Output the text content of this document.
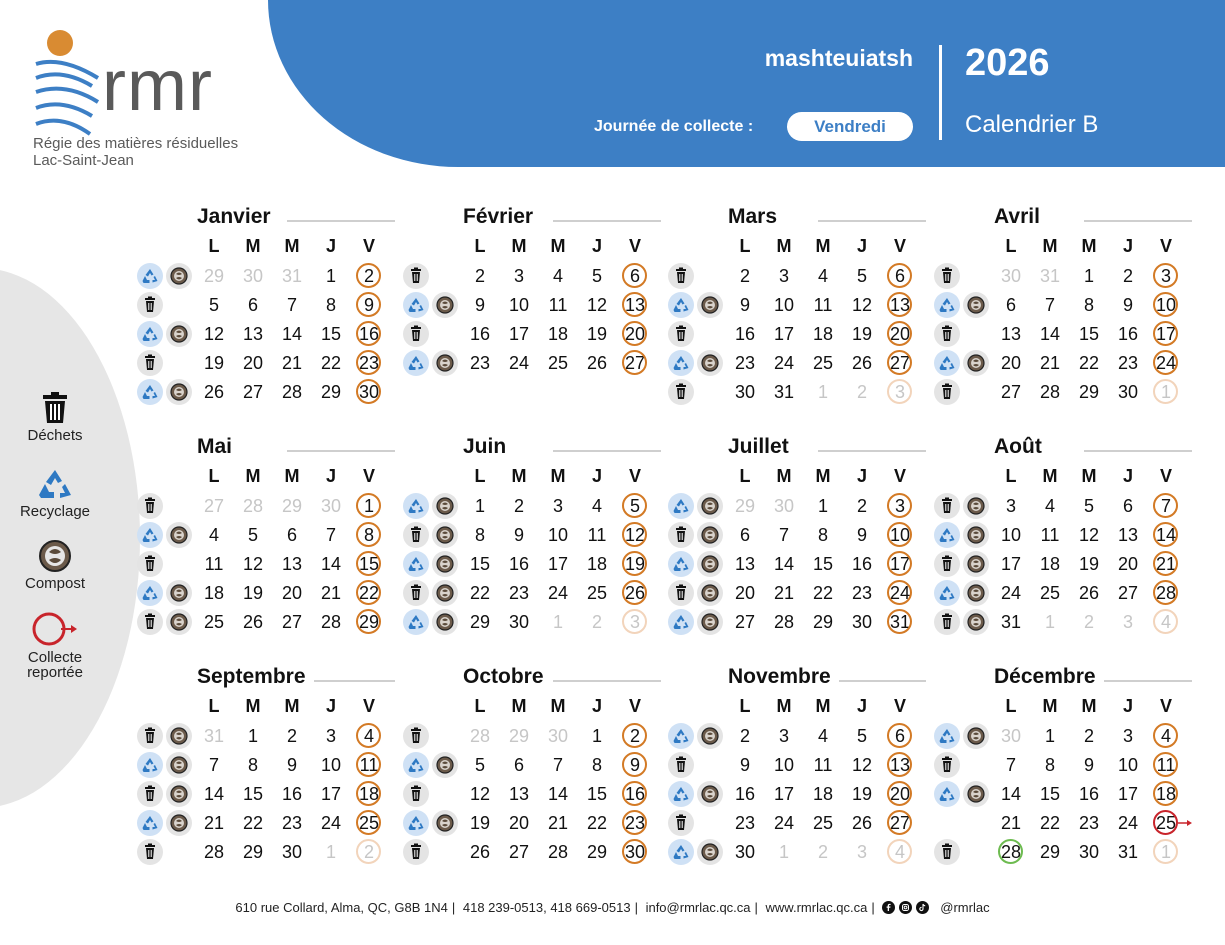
rmr
Régie des matières résiduelles
Lac-Saint-Jean
mashteuiatsh
Journée de collecte :	Vendredi
2026
Calendrier B
Déchets
Recyclage
Compost
Collecte reportée
Janvier
L	M	M	J	V
29 30 31	1	2
5	6	7	8	9
12 13 14 15 16
19 20 21 22 23
26 27 28 29 30
Février
L	M	M	J	V
2	3	4	5	6
9	10	11	12 13
16 17 18 19 20
23 24 25 26 27
Mars
L	M	M	J	V
2	3	4	5	6
9	10	11	12 13
16 17 18 19 20
23 24 25 26 27
30 31	1	2	3
Avril
L	M	M	J	V
30 31	1	2	3
6	7	8	9	10
13 14 15 16 17
20 21 22 23 24
27 28 29 30	1
Mai
L	M	M	J	V
27 28 29 30	1
4	5	6	7	8
11	12 13 14 15
18 19 20 21 22
25 26 27 28 29
Juin
L	M	M	J	V
1	2	3	4	5
8	9	10	11	12
15 16 17 18 19
22 23 24 25 26
29 30	1	2	3
Juillet
L	M	M	J	V
29 30	1	2	3
6	7	8	9	10
13 14 15 16 17
20 21 22 23 24
27 28 29 30 31
Août
L	M	M	J	V
3	4	5	6	7
10	11	12 13 14
17 18 19 20 21
24 25 26 27 28
31	1	2	3	4
Septembre
L	M	M	J	V
31	1	2	3	4
7	8	9	10	11
14 15 16 17 18
21 22 23 24 25
28 29 30	1	2
Octobre
L	M	M	J	V
28 29 30	1	2
5	6	7	8	9
12 13 14 15 16
19 20 21 22 23
26 27 28 29 30
Novembre
L	M	M	J	V
2	3	4	5	6
9	10	11	12 13
16 17 18 19 20
23 24 25 26 27
30	1	2	3	4
Décembre
L	M	M	J	V
30	1	2	3	4
7	8	9	10	11
14 15 16 17 18
21 22 23 24 25
28 29 30 31	1
610 rue Collard, Alma, QC, G8B 1N4 | 418 239-0513, 418 669-0513 | info@rmrlac.qc.ca | www.rmrlac.qc.ca |	@rmrlac
